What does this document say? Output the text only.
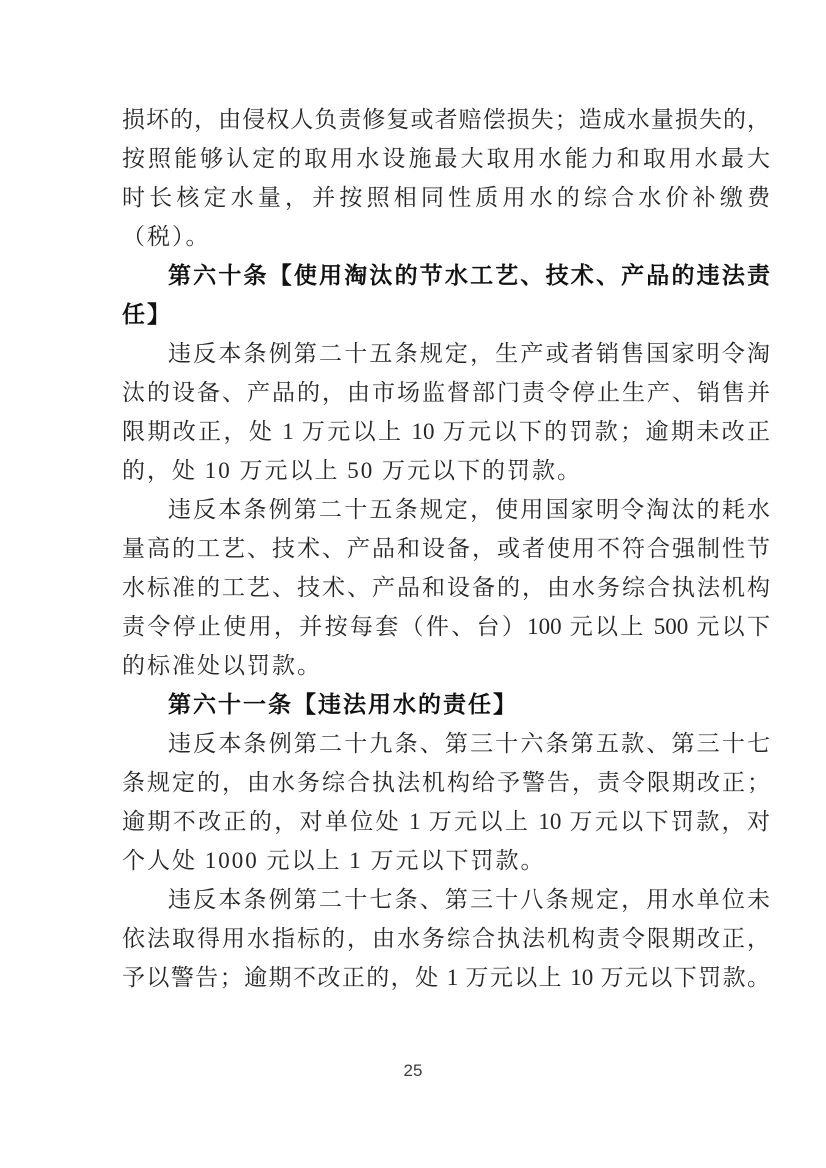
损坏的，由侵权人负责修复或者赔偿损失；造成水量损失的，
按照能够认定的取用水设施最大取用水能力和取用水最大
时长核定水量，并按照相同性质用水的综合水价补缴费
（税）。
第六十条【使用淘汰的节水工艺、技术、产品的违法责
任】
违反本条例第二十五条规定，生产或者销售国家明令淘
汰的设备、产品的，由市场监督部门责令停止生产、销售并
限期改正，处 1 万元以上 10 万元以下的罚款；逾期未改正
的，处 10 万元以上 50 万元以下的罚款。
违反本条例第二十五条规定，使用国家明令淘汰的耗水
量高的工艺、技术、产品和设备，或者使用不符合强制性节
水标准的工艺、技术、产品和设备的，由水务综合执法机构
责令停止使用，并按每套（件、台）100 元以上 500 元以下
的标准处以罚款。
第六十一条【违法用水的责任】
违反本条例第二十九条、第三十六条第五款、第三十七
条规定的，由水务综合执法机构给予警告，责令限期改正；
逾期不改正的，对单位处 1 万元以上 10 万元以下罚款，对
个人处 1000 元以上 1 万元以下罚款。
违反本条例第二十七条、第三十八条规定，用水单位未
依法取得用水指标的，由水务综合执法机构责令限期改正，
予以警告；逾期不改正的，处 1 万元以上 10 万元以下罚款。
25
